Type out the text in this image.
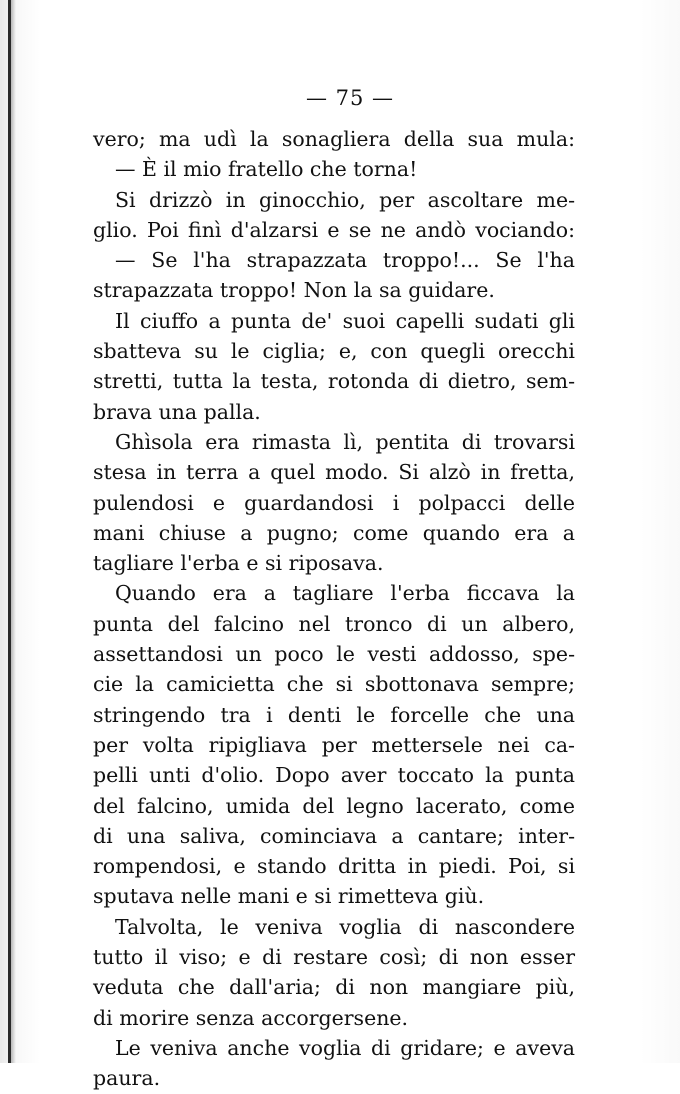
— 75 —
vero; ma udì la sonagliera della sua mula:
— È il mio fratello che torna!
Si drizzò in ginocchio, per ascoltare me-
glio. Poi finì d'alzarsi e se ne andò vociando:
— Se l'ha strapazzata troppo!... Se l'ha
strapazzata troppo! Non la sa guidare.
Il ciuffo a punta de' suoi capelli sudati gli
sbatteva su le ciglia; e, con quegli orecchi
stretti, tutta la testa, rotonda di dietro, sem-
brava una palla.
Ghìsola era rimasta lì, pentita di trovarsi
stesa in terra a quel modo. Si alzò in fretta,
pulendosi e guardandosi i polpacci delle
mani chiuse a pugno; come quando era a
tagliare l'erba e si riposava.
Quando era a tagliare l'erba ficcava la
punta del falcino nel tronco di un albero,
assettandosi un poco le vesti addosso, spe-
cie la camicietta che si sbottonava sempre;
stringendo tra i denti le forcelle che una
per volta ripigliava per mettersele nei ca-
pelli unti d'olio. Dopo aver toccato la punta
del falcino, umida del legno lacerato, come
di una saliva, cominciava a cantare; inter-
rompendosi, e stando dritta in piedi. Poi, si
sputava nelle mani e si rimetteva giù.
Talvolta, le veniva voglia di nascondere
tutto il viso; e di restare così; di non esser
veduta che dall'aria; di non mangiare più,
di morire senza accorgersene.
Le veniva anche voglia di gridare; e aveva
paura.
